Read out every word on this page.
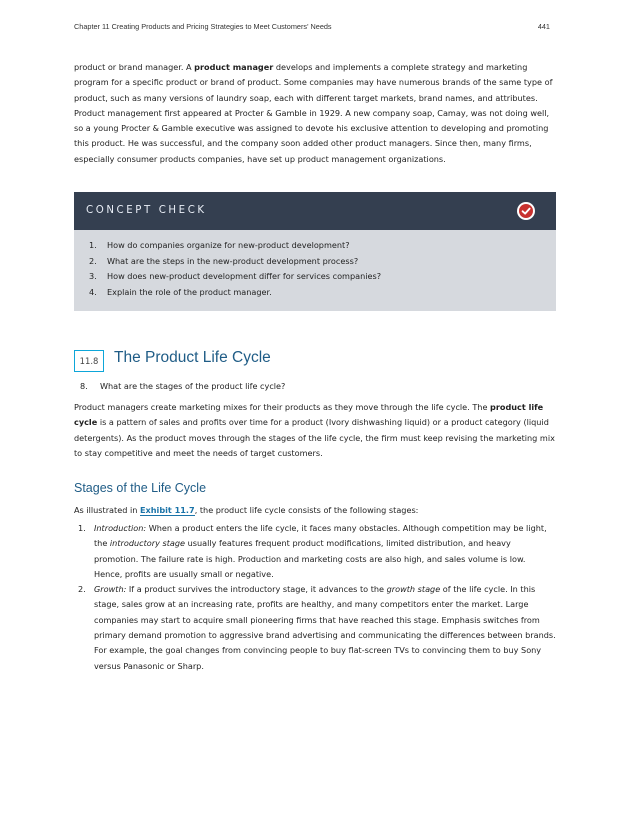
Chapter 11 Creating Products and Pricing Strategies to Meet Customers' Needs	441

product or brand manager. A product manager develops and implements a complete strategy and marketing program for a specific product or brand of product. Some companies may have numerous brands of the same type of product, such as many versions of laundry soap, each with different target markets, brand names, and attributes. Product management first appeared at Procter & Gamble in 1929. A new company soap, Camay, was not doing well, so a young Procter & Gamble executive was assigned to devote his exclusive attention to developing and promoting this product. He was successful, and the company soon added other product managers. Since then, many firms, especially consumer products companies, have set up product management organizations.

CONCEPT CHECK
1. How do companies organize for new-product development?
2. What are the steps in the new-product development process?
3. How does new-product development differ for services companies?
4. Explain the role of the product manager.
11.8	The Product Life Cycle

8. What are the stages of the product life cycle?

Product managers create marketing mixes for their products as they move through the life cycle. The product life cycle is a pattern of sales and profits over time for a product (Ivory dishwashing liquid) or a product category (liquid detergents). As the product moves through the stages of the life cycle, the firm must keep revising the marketing mix to stay competitive and meet the needs of target customers.

Stages of the Life Cycle

As illustrated in Exhibit 11.7, the product life cycle consists of the following stages:

1. Introduction: When a product enters the life cycle, it faces many obstacles. Although competition may be light, the introductory stage usually features frequent product modifications, limited distribution, and heavy promotion. The failure rate is high. Production and marketing costs are also high, and sales volume is low. Hence, profits are usually small or negative.
2. Growth: If a product survives the introductory stage, it advances to the growth stage of the life cycle. In this stage, sales grow at an increasing rate, profits are healthy, and many competitors enter the market. Large companies may start to acquire small pioneering firms that have reached this stage. Emphasis switches from primary demand promotion to aggressive brand advertising and communicating the differences between brands. For example, the goal changes from convincing people to buy flat-screen TVs to convincing them to buy Sony versus Panasonic or Sharp.
